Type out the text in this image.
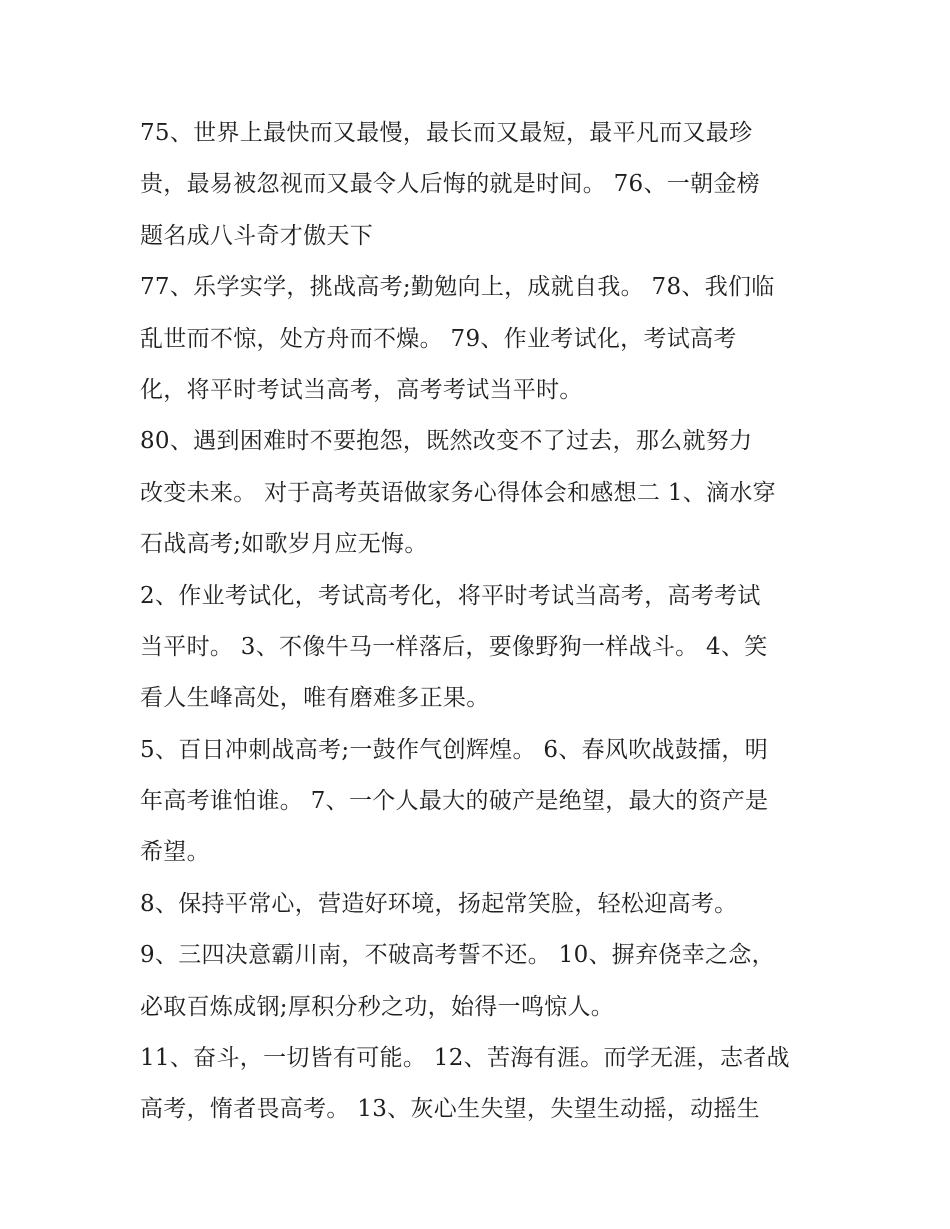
75、世界上最快而又最慢，最长而又最短，最平凡而又最珍
贵，最易被忽视而又最令人后悔的就是时间。 76、一朝金榜
题名成八斗奇才傲天下
77、乐学实学，挑战高考;勤勉向上，成就自我。 78、我们临
乱世而不惊，处方舟而不燥。 79、作业考试化，考试高考
化，将平时考试当高考，高考考试当平时。
80、遇到困难时不要抱怨，既然改变不了过去，那么就努力
改变未来。 对于高考英语做家务心得体会和感想二 1、滴水穿
石战高考;如歌岁月应无悔。
2、作业考试化，考试高考化，将平时考试当高考，高考考试
当平时。 3、不像牛马一样落后，要像野狗一样战斗。 4、笑
看人生峰高处，唯有磨难多正果。
5、百日冲刺战高考;一鼓作气创辉煌。 6、春风吹战鼓擂，明
年高考谁怕谁。 7、一个人最大的破产是绝望，最大的资产是
希望。
8、保持平常心，营造好环境，扬起常笑脸，轻松迎高考。
9、三四决意霸川南，不破高考誓不还。 10、摒弃侥幸之念，
必取百炼成钢;厚积分秒之功，始得一鸣惊人。
11、奋斗，一切皆有可能。 12、苦海有涯。而学无涯，志者战
高考，惰者畏高考。 13、灰心生失望，失望生动摇，动摇生
